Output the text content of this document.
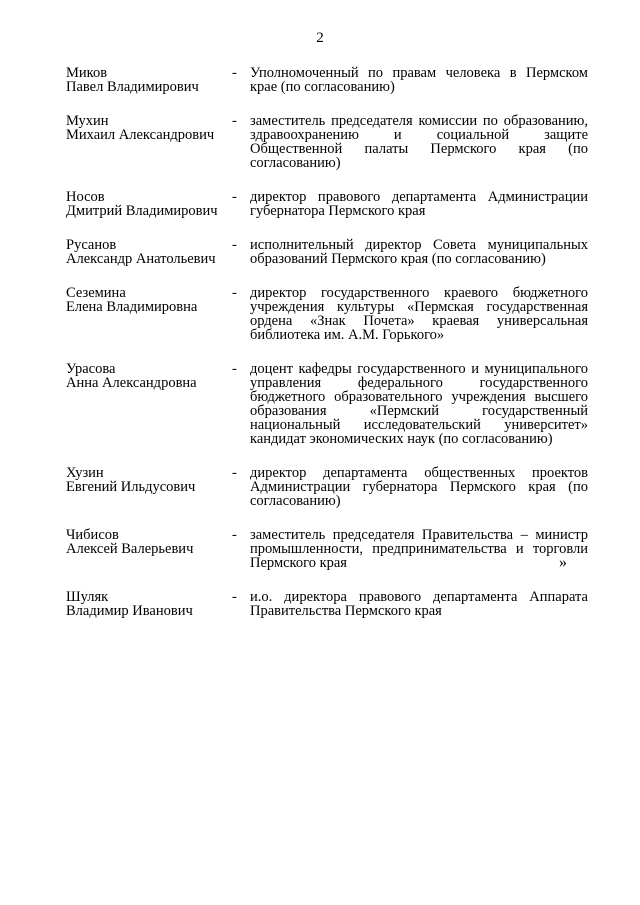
2
Миков
Павел Владимирович
- Уполномоченный по правам человека в Пермском крае (по согласованию)
Мухин
Михаил Александрович
- заместитель председателя комиссии по образованию, здравоохранению и социальной защите Общественной палаты Пермского края (по согласованию)
Носов
Дмитрий Владимирович
- директор правового департамента Администрации губернатора Пермского края
Русанов
Александр Анатольевич
- исполнительный директор Совета муниципальных образований Пермского края (по согласованию)
Сеземина
Елена Владимировна
- директор государственного краевого бюджетного учреждения культуры «Пермская государственная ордена «Знак Почета» краевая универсальная библиотека им. А.М. Горького»
Урасова
Анна Александровна
- доцент кафедры государственного и муниципального управления федерального государственного бюджетного образовательного учреждения высшего образования «Пермский государственный национальный исследовательский университет» кандидат экономических наук (по согласованию)
Хузин
Евгений Ильдусович
- директор департамента общественных проектов Администрации губернатора Пермского края (по согласованию)
Чибисов
Алексей Валерьевич
- заместитель председателя Правительства – министр промышленности, предпринимательства и торговли Пермского края
Шуляк
Владимир Иванович
- и.о. директора правового департамента Аппарата Правительства Пермского края
»
